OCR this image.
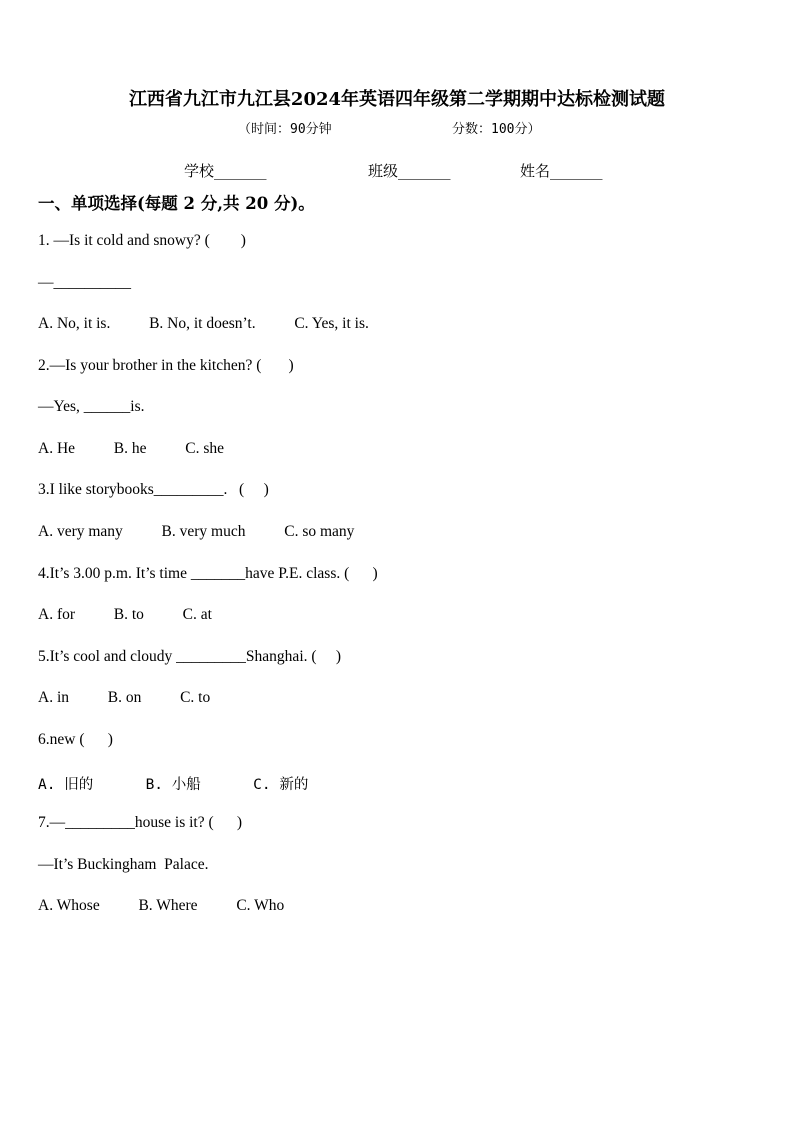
江西省九江市九江县2024年英语四年级第二学期期中达标检测试题
（时间：90分钟	分数：100分）
学校_______	班级_______	姓名_______
一、单项选择(每题 2 分,共 20 分)。
1. —Is it cold and snowy? (        )
—__________
A. No, it is.          B. No, it doesn’t.          C. Yes, it is.
2.—Is your brother in the kitchen? (       )
—Yes, ______is.
A. He          B. he          C. she
3.I like storybooks_________.   (     )
A. very many          B. very much          C. so many
4.It’s 3.00 p.m. It’s time _______have P.E. class. (      )
A. for          B. to          C. at
5.It’s cool and cloudy _________Shanghai. (     )
A. in          B. on          C. to
6.new (      )
A. 旧的      B. 小船      C. 新的
7.—_________house is it? (      )
—It’s Buckingham  Palace.
A. Whose          B. Where          C. Who
